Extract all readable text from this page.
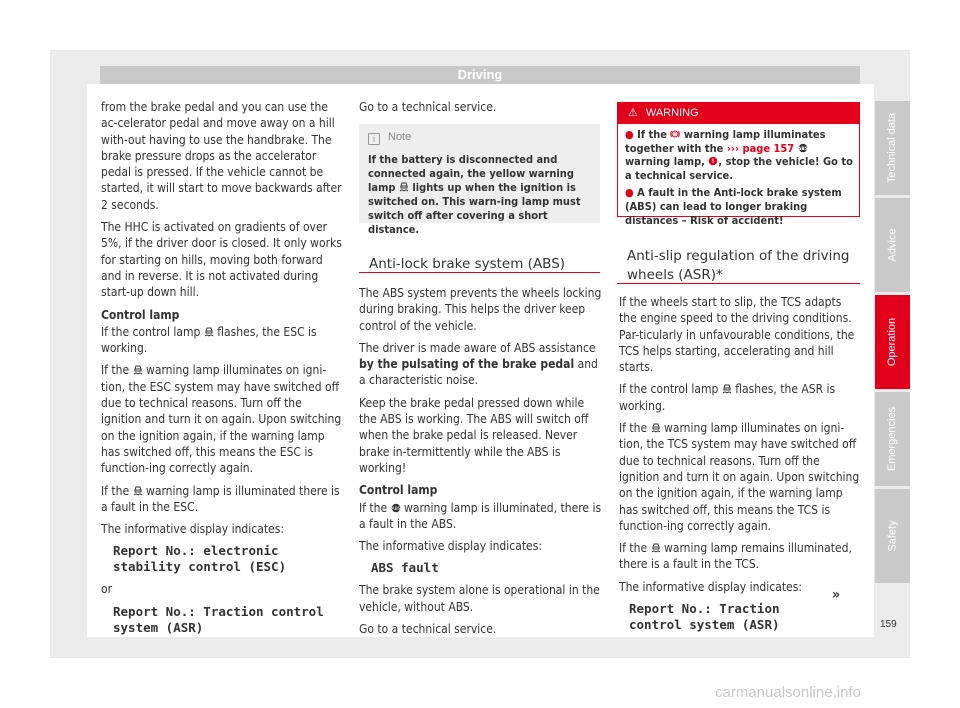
Driving

from the brake pedal and you can use the ac-celerator pedal and move away on a hill with-out having to use the handbrake. The brake pressure drops as the accelerator pedal is pressed. If the vehicle cannot be started, it will start to move backwards after 2 seconds.

The HHC is activated on gradients of over 5%, if the driver door is closed. It only works for starting on hills, moving both forward and in reverse. It is not activated during start-up down hill.

Control lamp

If the control lamp flashes, the ESC is working.

If the warning lamp illuminates on igni-tion, the ESC system may have switched off due to technical reasons. Turn off the ignition and turn it on again. Upon switching on the ignition again, if the warning lamp has switched off, this means the ESC is function-ing correctly again.

If the warning lamp is illuminated there is a fault in the ESC.

The informative display indicates:

Report No.: electronic stability control (ESC)

or

Report No.: Traction control system (ASR)

Go to a technical service.

i Note
If the battery is disconnected and connected again, the yellow warning lamp lights up when the ignition is switched on. This warn-ing lamp must switch off after covering a short distance.
Anti-lock brake system (ABS)

The ABS system prevents the wheels locking during braking. This helps the driver keep control of the vehicle.

The driver is made aware of ABS assistance by the pulsating of the brake pedal and a characteristic noise.

Keep the brake pedal pressed down while the ABS is working. The ABS will switch off when the brake pedal is released. Never brake in-termittently while the ABS is working!

Control lamp

If the ABS warning lamp is illuminated, there is a fault in the ABS.

The informative display indicates:

ABS fault

The brake system alone is operational in the vehicle, without ABS.

Go to a technical service.

⚠ WARNING
● If the ! warning lamp illuminates together with the ››› page 157 ABS
warning lamp, ! , stop the vehicle! Go to a technical service.
● A fault in the Anti-lock brake system (ABS) can lead to longer braking distances – Risk of accident!
Anti-slip regulation of the driving
wheels (ASR)*

If the wheels start to slip, the TCS adapts the engine speed to the driving conditions. Par-ticularly in unfavourable conditions, the TCS helps starting, accelerating and hill starts.

If the control lamp flashes, the ASR is working.

If the warning lamp illuminates on igni-tion, the TCS system may have switched off due to technical reasons. Turn off the ignition and turn it on again. Upon switching on the ignition again, if the warning lamp has switched off, this means the TCS is function-ing correctly again.

If the warning lamp remains illuminated, there is a fault in the TCS.

The informative display indicates:

Report No.: Traction control system (ASR)

»
Technical data
Advice
Operation
Emergencies
Safety
159
carmanualsonline.info
